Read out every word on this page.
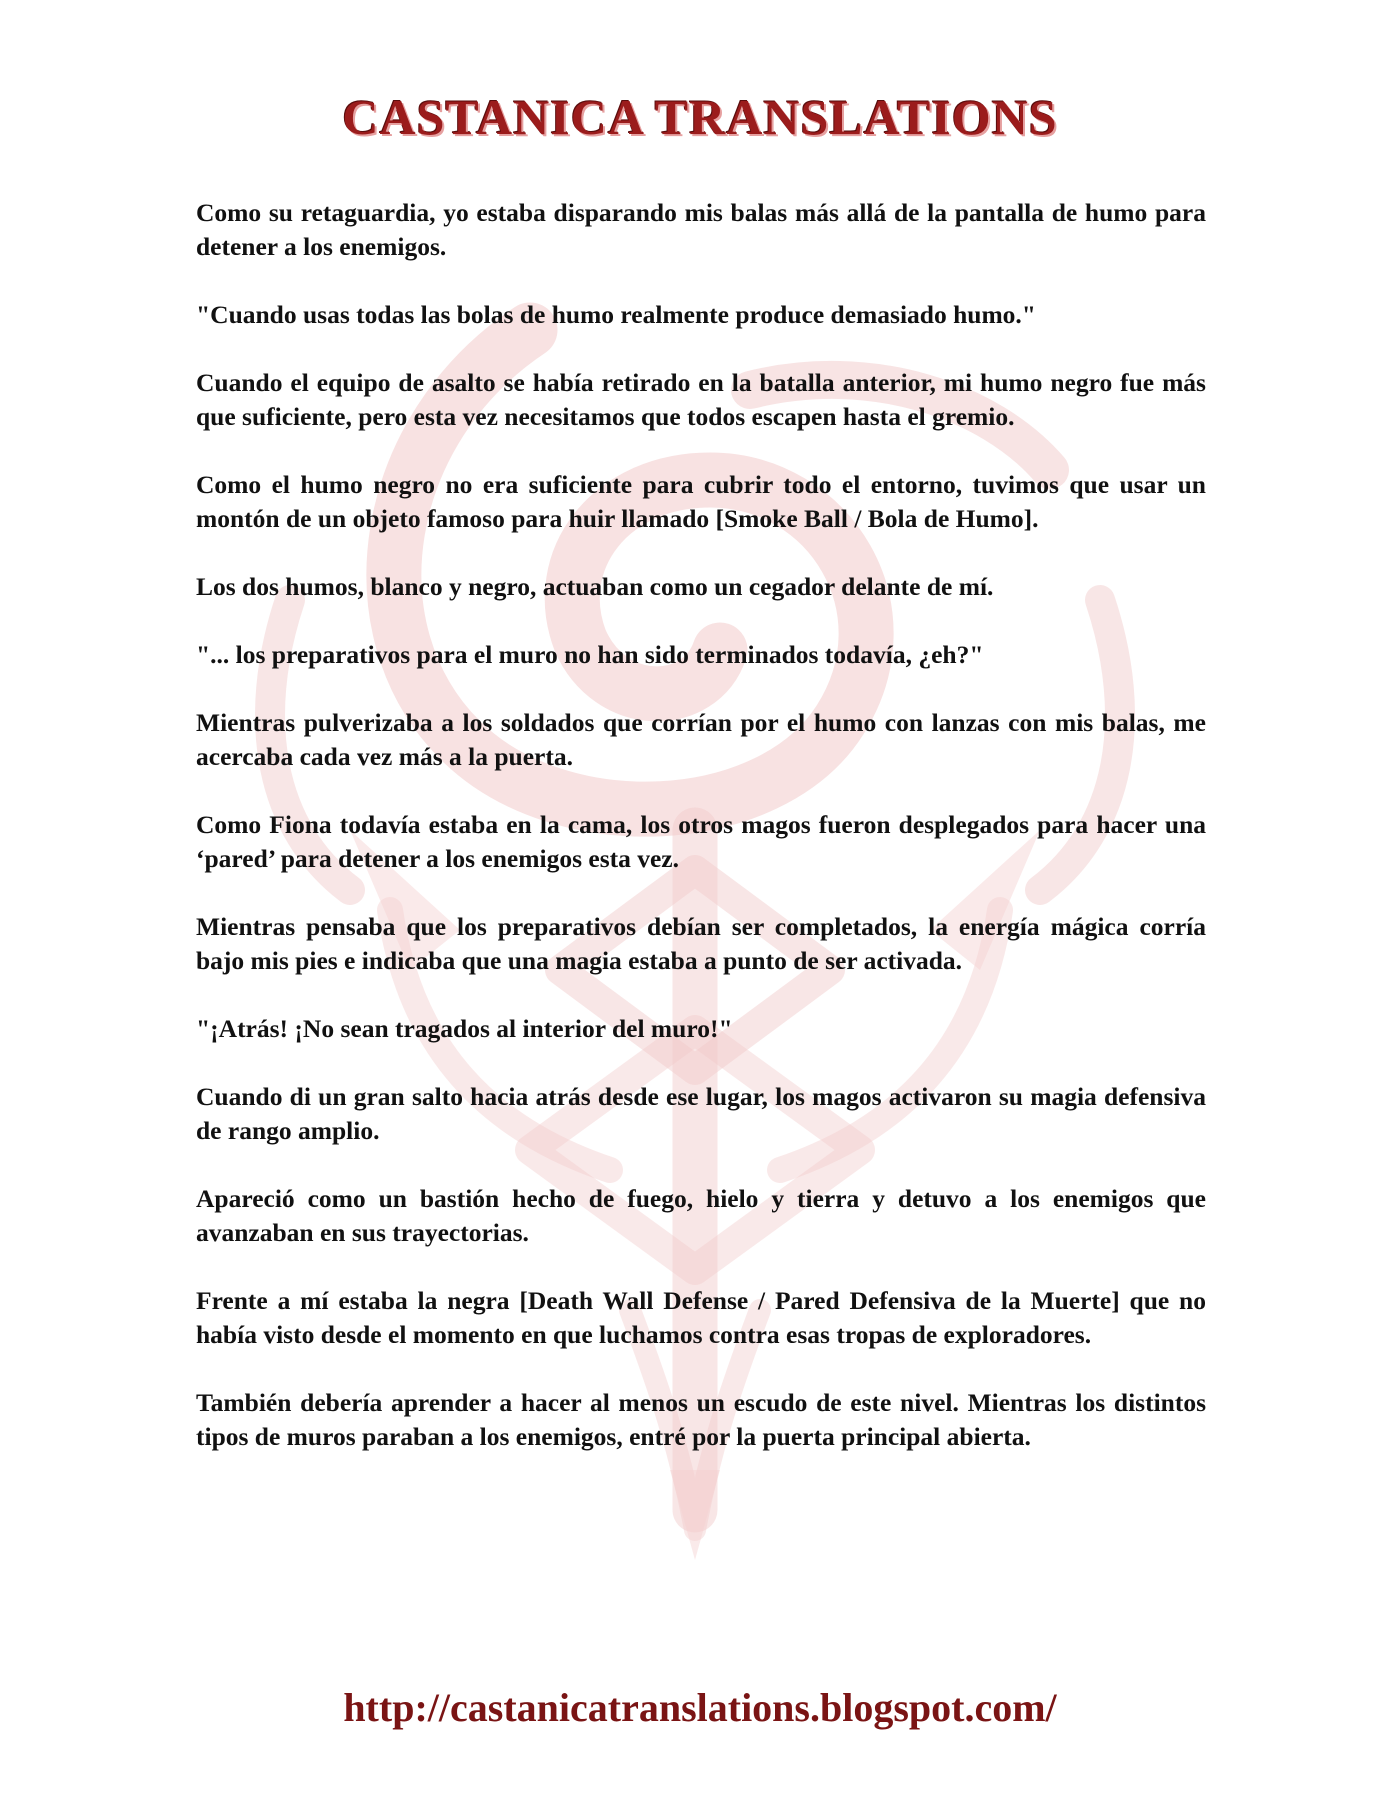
CASTANICA TRANSLATIONS

Como su retaguardia, yo estaba disparando mis balas más allá de la pantalla de humo para detener a los enemigos.

"Cuando usas todas las bolas de humo realmente produce demasiado humo."

Cuando el equipo de asalto se había retirado en la batalla anterior, mi humo negro fue más que suficiente, pero esta vez necesitamos que todos escapen hasta el gremio.

Como el humo negro no era suficiente para cubrir todo el entorno, tuvimos que usar un montón de un objeto famoso para huir llamado [Smoke Ball / Bola de Humo].

Los dos humos, blanco y negro, actuaban como un cegador delante de mí.

"... los preparativos para el muro no han sido terminados todavía, ¿eh?"

Mientras pulverizaba a los soldados que corrían por el humo con lanzas con mis balas, me acercaba cada vez más a la puerta.

Como Fiona todavía estaba en la cama, los otros magos fueron desplegados para hacer una ‘pared’ para detener a los enemigos esta vez.

Mientras pensaba que los preparativos debían ser completados, la energía mágica corría bajo mis pies e indicaba que una magia estaba a punto de ser activada.

"¡Atrás! ¡No sean tragados al interior del muro!"

Cuando di un gran salto hacia atrás desde ese lugar, los magos activaron su magia defensiva de rango amplio.

Apareció como un bastión hecho de fuego, hielo y tierra y detuvo a los enemigos que avanzaban en sus trayectorias.

Frente a mí estaba la negra [Death Wall Defense / Pared Defensiva de la Muerte] que no había visto desde el momento en que luchamos contra esas tropas de exploradores.

También debería aprender a hacer al menos un escudo de este nivel. Mientras los distintos tipos de muros paraban a los enemigos, entré por la puerta principal abierta.

http://castanicatranslations.blogspot.com/
